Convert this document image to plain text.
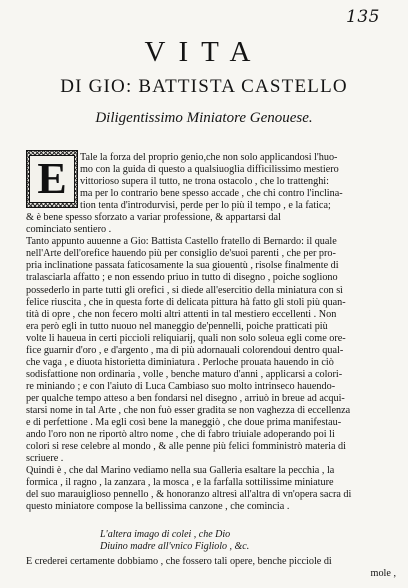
135
VITA
DI GIO: BATTISTA CASTELLO
Diligentissimo Miniatore Genouese.
E	Tale la forza del proprio genio,che non solo applicandosi l'huo-
mo con la guida di questo a qualsiuoglia difficilissimo mestiero
vittorioso supera il tutto, ne trona ostacolo , che lo trattenghi:
ma per lo contrario bene spesso accade , che chi contro l'inclina-
tion tenta d'introdurvisi, perde per lo più il tempo , e la fatica;
& è bene spesso sforzato a variar professione, & appartarsi dal
cominciato sentiero .
Tanto appunto auuenne a Gio: Battista Castello fratello di Bernardo: il quale
nell'Arte dell'orefice hauendo più per consiglio de'suoi parenti , che per pro-
pria inclinatione passata faticosamente la sua giouentù , risolse finalmente di
tralasciarla affatto ; e non essendo priuo in tutto di disegno , poiche sogliono
possederlo in parte tutti gli orefici , si diede all'esercitio della miniatura con sì
felice riuscita , che in questa forte di delicata pittura hà fatto gli stoli più quan-
tità di opre , che non fecero molti altri attenti in tal mestiero eccellenti . Non
era però egli in tutto nuouo nel maneggio de'pennelli, poiche pratticati più
volte li haueua in certi piccioli reliquiarij, quali non solo soleua egli come ore-
fice guarnir d'oro , e d'argento , ma di più adornauali colorendoui dentro qual-
che vaga , e diuota historietta diminiatura . Perloche prouata hauendo in ciò
sodisfattione non ordinaria , volle , benche maturo d'anni , applicarsi a colori-
re miniando ; e con l'aiuto di Luca Cambiaso suo molto intrinseco hauendo-
per qualche tempo atteso a ben fondarsi nel disegno , arriuò in breue ad acqui-
starsi nome in tal Arte , che non fuò esser gradita se non vaghezza di eccellenza
e di perfettione . Ma egli così bene la maneggiò , che doue prima manifestau-
ando l'oro non ne riportò altro nome , che di fabro triuiale adoperando poi li
colori si rese celebre al mondo , & alle penne più felici fomministrò materia di
scriuere .
Quindi è , che dal Marino vediamo nella sua Galleria esaltare la pecchia , la
formica , il ragno , la zanzara , la mosca , e la farfalla sottilissime miniature
del suo marauiglioso pennello , & honoranzo altresì all'altra di vn'opera sacra di
questo miniatore compose la bellissima canzone , che comincia .
L'altera imago di colei , che Dio
Diuino madre all'vnico Figliolo , &c.
E crederei certamente dobbiamo , che fossero tali opere, benche picciole di
mole ,
